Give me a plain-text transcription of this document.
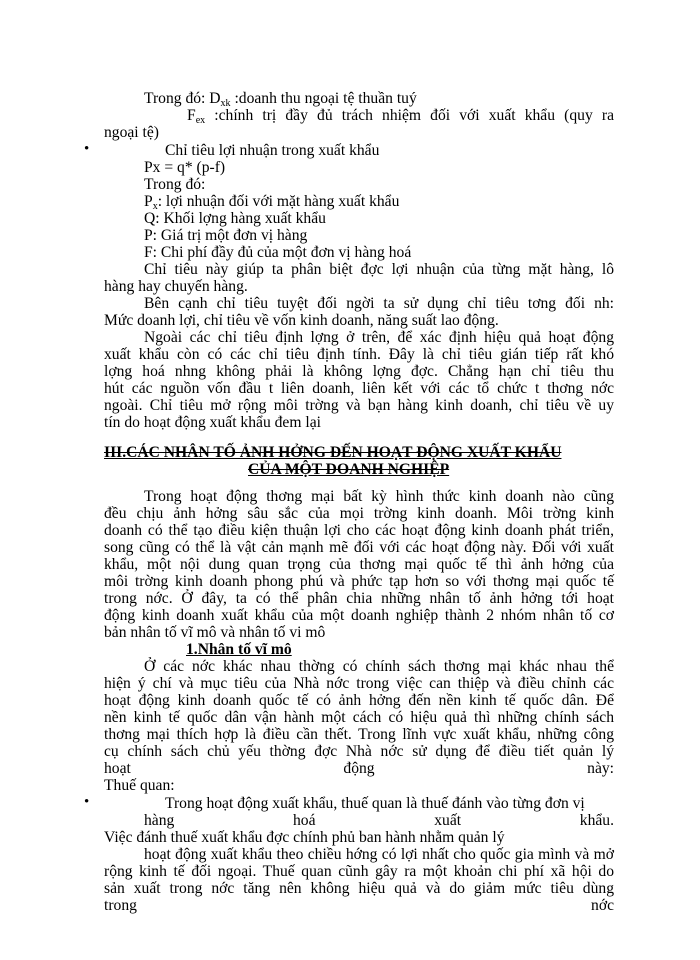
Trong đó: $D_{xk}$ :doanh thu ngoại tệ thuần tuý
$F_{ex}$ :chính trị đầy đủ trách nhiệm đối với xuất khẩu (quy ra
ngoại tệ)
•	Chỉ tiêu lợi nhuận trong xuất khẩu
Px = q* (p-f)
Trong đó:
$P_x$: lợi nhuận đối với mặt hàng xuất khẩu
Q: Khối lợng hàng xuất khẩu
P: Giá trị một đơn vị hàng
F: Chi phí đầy đủ của một đơn vị hàng hoá
Chỉ tiêu này giúp ta phân biệt đợc lợi nhuận của từng mặt hàng, lô
hàng hay chuyến hàng.
Bên cạnh chỉ tiêu tuyệt đối ngời ta sử dụng chỉ tiêu tơng đối nh:
Mức doanh lợi, chỉ tiêu về vốn kinh doanh, năng suất lao động.
Ngoài các chỉ tiêu định lợng ở trên, để xác định hiệu quả hoạt động
xuất khẩu còn có các chỉ tiêu định tính. Đây là chỉ tiêu gián tiếp rất khó
lợng hoá nhng không phải là không lợng đợc. Chẳng hạn chỉ tiêu thu
hút các nguồn vốn đầu t liên doanh, liên kết với các tổ chức t thơng nớc
ngoài. Chỉ tiêu mở rộng môi trờng và bạn hàng kinh doanh, chỉ tiêu về uy
tín do hoạt động xuất khẩu đem lại
III.CÁC NHÂN TỐ ẢNH HỞNG ĐẾN HOẠT ĐỘNG XUẤT KHẨU
CỦA MỘT DOANH NGHIỆP
Trong hoạt động thơng mại bất kỳ hình thức kinh doanh nào cũng
đều chịu ảnh hởng sâu sắc của mọi trờng kinh doanh. Môi trờng kinh
doanh có thể tạo điều kiện thuận lợi cho các hoạt động kinh doanh phát triển,
song cũng có thể là vật cản mạnh mẽ đối với các hoạt động này. Đối với xuất
khẩu, một nội dung quan trọng của thơng mại quốc tế thì ảnh hởng của
môi trờng kinh doanh phong phú và phức tạp hơn so với thơng mại quốc tế
trong nớc. Ở đây, ta có thể phân chia những nhân tố ảnh hởng tới hoạt
động kinh doanh xuất khẩu của một doanh nghiệp thành 2 nhóm nhân tố cơ
bản nhân tố vĩ mô và nhân tố vi mô
1.Nhân tố vĩ mô
Ở các nớc khác nhau thờng có chính sách thơng mại khác nhau thể
hiện ý chí và mục tiêu của Nhà nớc trong việc can thiệp và điều chỉnh các
hoạt động kinh doanh quốc tế có ảnh hởng đến nền kinh tế quốc dân. Để
nền kinh tế quốc dân vận hành một cách có hiệu quả thì những chính sách
thơng mại thích hợp là điều cần thết. Trong lĩnh vực xuất khẩu, những công
cụ chính sách chủ yếu thờng đợc Nhà nớc sử dụng để điều tiết quản lý
hoạt động này:
Thuế quan:
•	Trong hoạt động xuất khẩu, thuế quan là thuế đánh vào từng đơn vị
hàng hoá xuất khẩu.
Việc đánh thuế xuất khẩu đợc chính phủ ban hành nhằm quản lý
hoạt động xuất khẩu theo chiều hớng có lợi nhất cho quốc gia mình và mở
rộng kinh tế đối ngoại. Thuế quan cũnh gây ra một khoản chi phí xã hội do
sản xuất trong nớc tăng nên không hiệu quả và do giảm mức tiêu dùng
trong nớc
